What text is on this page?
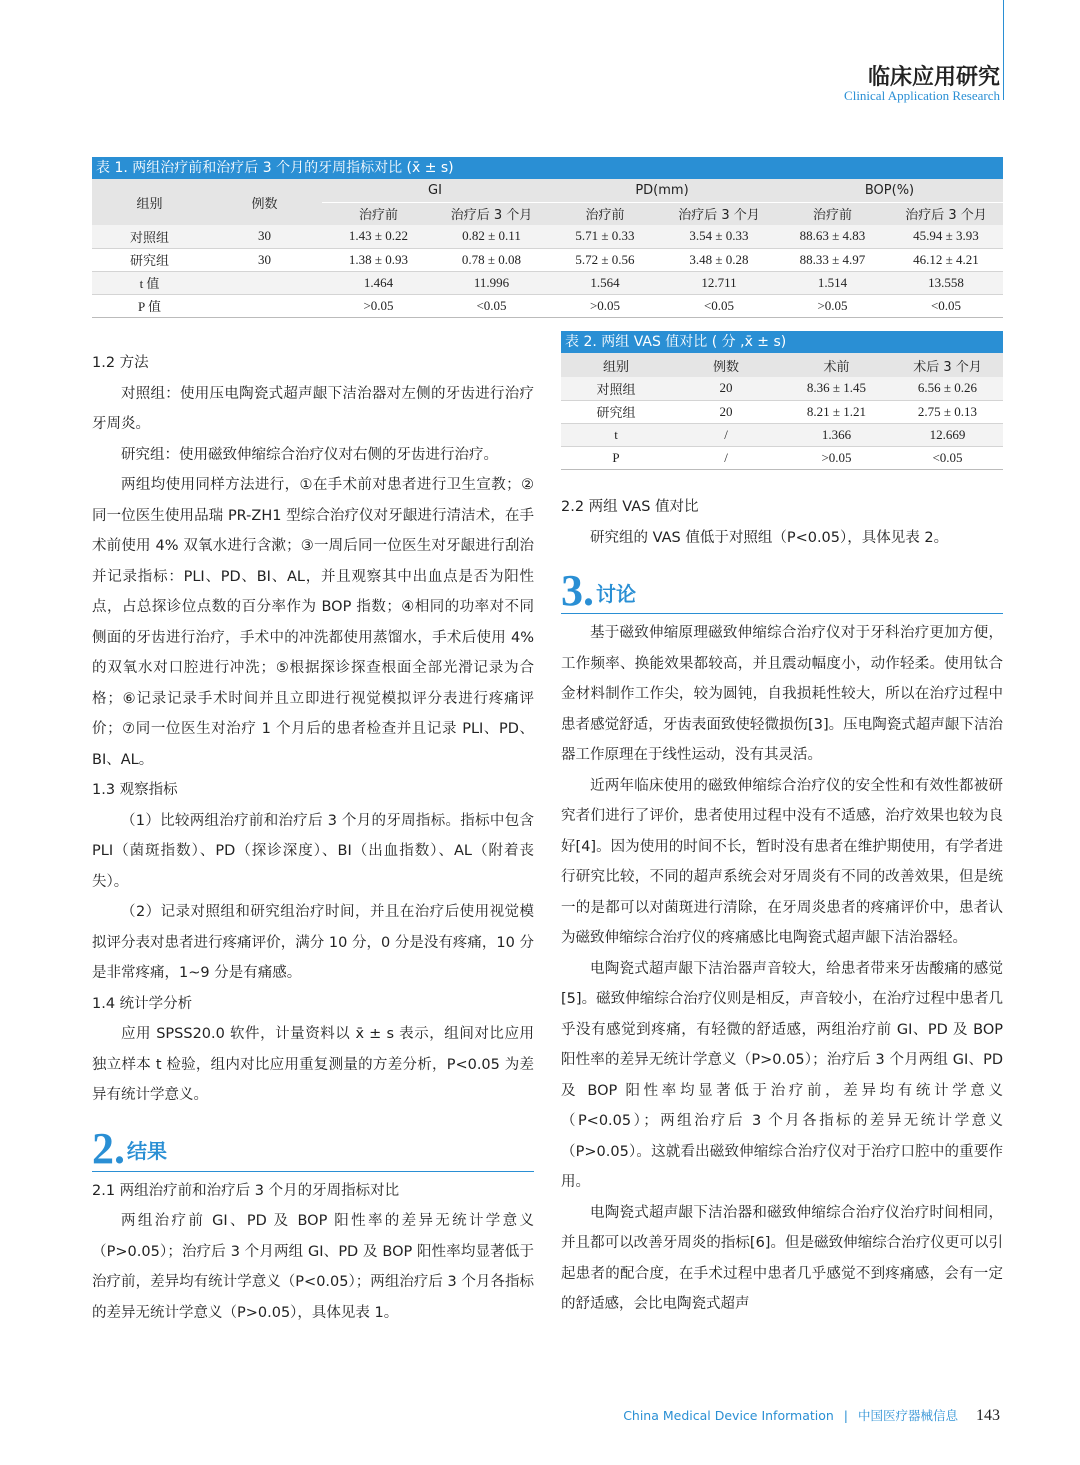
临床应用研究
Clinical Application Research
表 1. 两组治疗前和治疗后 3 个月的牙周指标对比 (x̄ ± s)
组别	例数	GI		PD(mm)		BOP(%)	
		治疗前	治疗后 3 个月	治疗前	治疗后 3 个月	治疗前	治疗后 3 个月
对照组	30	1.43 ± 0.22	0.82 ± 0.11	5.71 ± 0.33	3.54 ± 0.33	88.63 ± 4.83	45.94 ± 3.93
研究组	30	1.38 ± 0.93	0.78 ± 0.08	5.72 ± 0.56	3.48 ± 0.28	88.33 ± 4.97	46.12 ± 4.21
t 值		1.464	11.996	1.564	12.711	1.514	13.558
P 值		>0.05	<0.05	>0.05	<0.05	>0.05	<0.05
表 2. 两组 VAS 值对比 ( 分 ,x̄ ± s)
组别	例数	术前	术后 3 个月
对照组	20	8.36 ± 1.45	6.56 ± 0.26
研究组	20	8.21 ± 1.21	2.75 ± 0.13
t	/	1.366	12.669
P	/	>0.05	<0.05

1.2 方法

对照组：使用压电陶瓷式超声龈下洁治器对左侧的牙齿进行治疗牙周炎。

研究组：使用磁致伸缩综合治疗仪对右侧的牙齿进行治疗。

两组均使用同样方法进行，①在手术前对患者进行卫生宣教；②同一位医生使用品瑞 PR-ZH1 型综合治疗仪对牙龈进行清洁术，在手术前使用 4% 双氧水进行含漱；③一周后同一位医生对牙龈进行刮治并记录指标：PLI、PD、BI、AL，并且观察其中出血点是否为阳性点，占总探诊位点数的百分率作为 BOP 指数；④相同的功率对不同侧面的牙齿进行治疗，手术中的冲洗都使用蒸馏水，手术后使用 4% 的双氧水对口腔进行冲洗；⑤根据探诊探查根面全部光滑记录为合格；⑥记录记录手术时间并且立即进行视觉模拟评分表进行疼痛评价；⑦同一位医生对治疗 1 个月后的患者检查并且记录 PLI、PD、BI、AL。

1.3 观察指标

（1）比较两组治疗前和治疗后 3 个月的牙周指标。指标中包含 PLI（菌斑指数）、PD（探诊深度）、BI（出血指数）、AL（附着丧失）。

（2）记录对照组和研究组治疗时间，并且在治疗后使用视觉模拟评分表对患者进行疼痛评价，满分 10 分，0 分是没有疼痛，10 分是非常疼痛，1~9 分是有痛感。

1.4 统计学分析

应用 SPSS20.0 软件，计量资料以 x̄ ± s 表示，组间对比应用独立样本 t 检验，组内对比应用重复测量的方差分析，P<0.05 为差异有统计学意义。

2. 结果

2.1 两组治疗前和治疗后 3 个月的牙周指标对比

两组治疗前 GI、PD 及 BOP 阳性率的差异无统计学意义（P>0.05）；治疗后 3 个月两组 GI、PD 及 BOP 阳性率均显著低于治疗前，差异均有统计学意义（P<0.05）；两组治疗后 3 个月各指标的差异无统计学意义（P>0.05），具体见表 1。

2.2 两组 VAS 值对比

研究组的 VAS 值低于对照组（P<0.05），具体见表 2。

3. 讨论

基于磁致伸缩原理磁致伸缩综合治疗仪对于牙科治疗更加方便，工作频率、换能效果都较高，并且震动幅度小，动作轻柔。使用钛合金材料制作工作尖，较为圆钝，自我损耗性较大，所以在治疗过程中患者感觉舒适，牙齿表面致使轻微损伤[3]。压电陶瓷式超声龈下洁治器工作原理在于线性运动，没有其灵活。

近两年临床使用的磁致伸缩综合治疗仪的安全性和有效性都被研究者们进行了评价，患者使用过程中没有不适感，治疗效果也较为良好[4]。因为使用的时间不长，暂时没有患者在维护期使用，有学者进行研究比较，不同的超声系统会对牙周炎有不同的改善效果，但是统一的是都可以对菌斑进行清除，在牙周炎患者的疼痛评价中，患者认为磁致伸缩综合治疗仪的疼痛感比电陶瓷式超声龈下洁治器轻。

电陶瓷式超声龈下洁治器声音较大，给患者带来牙齿酸痛的感觉[5]。磁致伸缩综合治疗仪则是相反，声音较小，在治疗过程中患者几乎没有感觉到疼痛，有轻微的舒适感，两组治疗前 GI、PD 及 BOP 阳性率的差异无统计学意义（P>0.05）；治疗后 3 个月两组 GI、PD 及 BOP 阳性率均显著低于治疗前，差异均有统计学意义（P<0.05）；两组治疗后 3 个月各指标的差异无统计学意义（P>0.05）。这就看出磁致伸缩综合治疗仪对于治疗口腔中的重要作用。

电陶瓷式超声龈下洁治器和磁致伸缩综合治疗仪治疗时间相同，并且都可以改善牙周炎的指标[6]。但是磁致伸缩综合治疗仪更可以引起患者的配合度，在手术过程中患者几乎感觉不到疼痛感，会有一定的舒适感，会比电陶瓷式超声

China Medical Device Information | 中国医疗器械信息 143
